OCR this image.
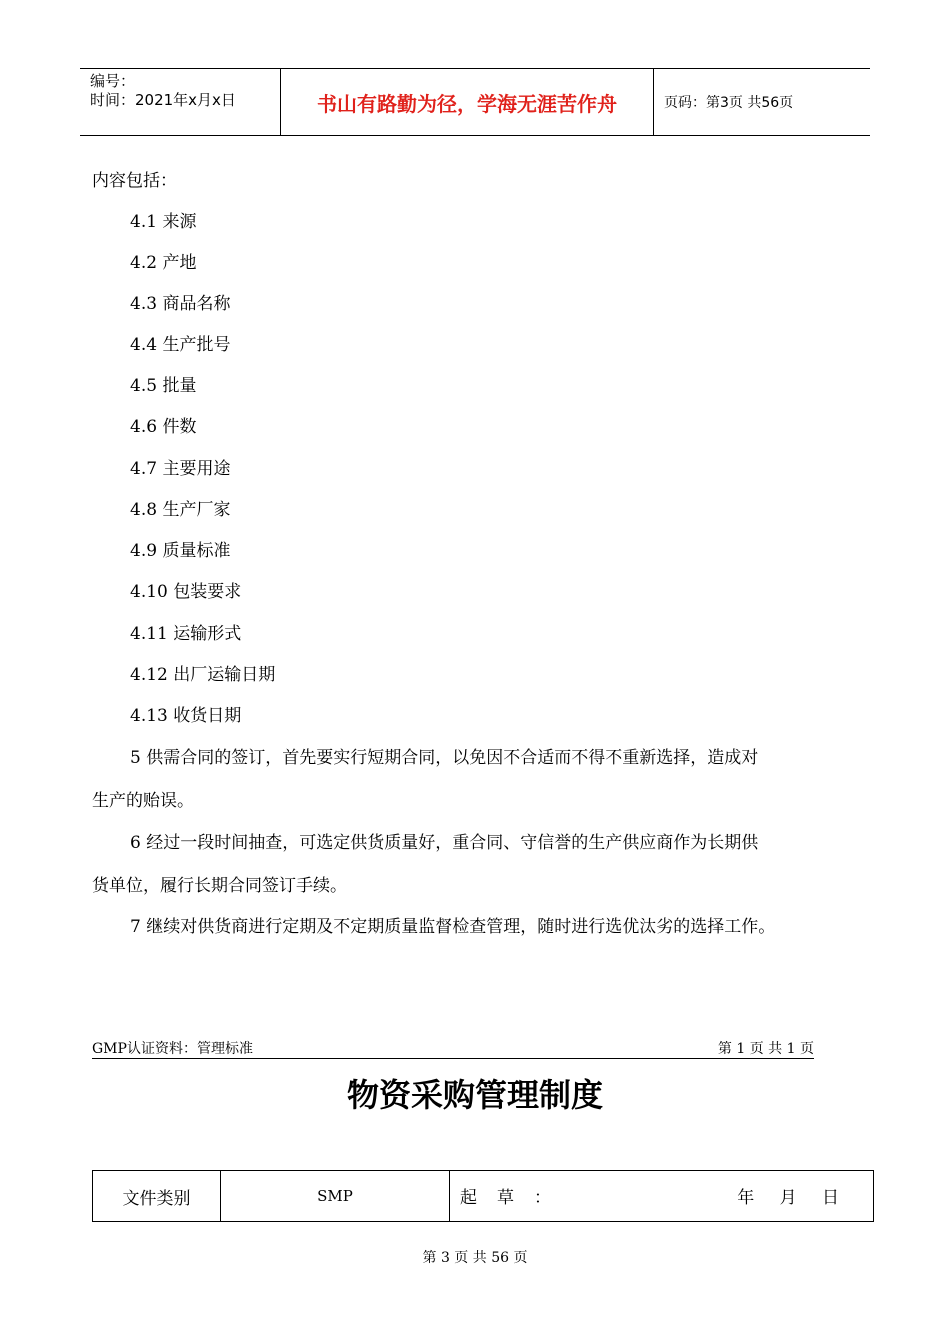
编号：
时间：2021年x月x日	书山有路勤为径，学海无涯苦作舟	页码：第3页 共56页
内容包括：
4.1 来源
4.2 产地
4.3 商品名称
4.4 生产批号
4.5 批量
4.6 件数
4.7 主要用途
4.8 生产厂家
4.9 质量标准
4.10 包装要求
4.11 运输形式
4.12 出厂运输日期
4.13 收货日期
5 供需合同的签订，首先要实行短期合同，以免因不合适而不得不重新选择，造成对
生产的贻误。
6 经过一段时间抽查，可选定供货质量好，重合同、守信誉的生产供应商作为长期供
货单位，履行长期合同签订手续。
7 继续对供货商进行定期及不定期质量监督检查管理，随时进行选优汰劣的选择工作。
GMP认证资料：管理标准	第 1 页 共 1 页
物资采购管理制度
文件类别	SMP	起草：	年 月 日
第 3 页 共 56 页
